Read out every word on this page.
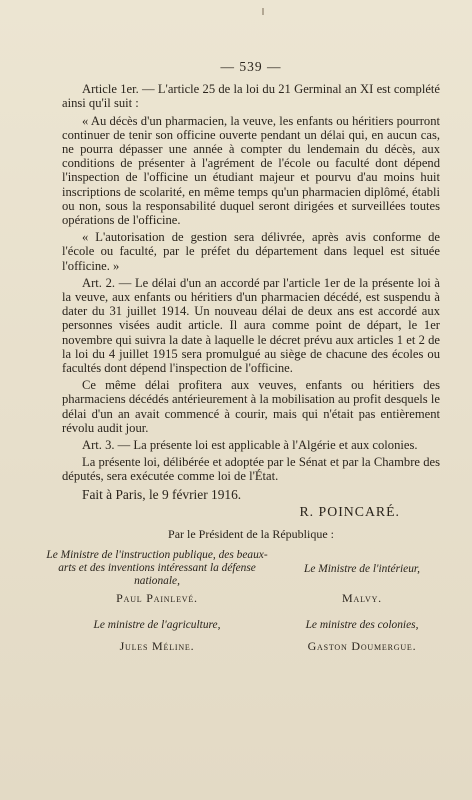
— 539 —

Article 1er. — L'article 25 de la loi du 21 Germinal an XI est complété ainsi qu'il suit :

« Au décès d'un pharmacien, la veuve, les enfants ou héritiers pourront continuer de tenir son officine ouverte pendant un délai qui, en aucun cas, ne pourra dépasser une année à compter du lendemain du décès, aux conditions de présenter à l'agrément de l'école ou faculté dont dépend l'inspection de l'officine un étudiant majeur et pourvu d'au moins huit inscriptions de scolarité, en même temps qu'un pharmacien diplômé, établi ou non, sous la responsabilité duquel seront dirigées et surveillées toutes opérations de l'officine.

« L'autorisation de gestion sera délivrée, après avis conforme de l'école ou faculté, par le préfet du département dans lequel est située l'officine. »

Art. 2. — Le délai d'un an accordé par l'article 1er de la présente loi à la veuve, aux enfants ou héritiers d'un pharmacien décédé, est suspendu à dater du 31 juillet 1914. Un nouveau délai de deux ans est accordé aux personnes visées audit article. Il aura comme point de départ, le 1er novembre qui suivra la date à laquelle le décret prévu aux articles 1 et 2 de la loi du 4 juillet 1915 sera promulgué au siège de chacune des écoles ou facultés dont dépend l'inspection de l'officine.

Ce même délai profitera aux veuves, enfants ou héritiers des pharmaciens décédés antérieurement à la mobilisation au profit desquels le délai d'un an avait commencé à courir, mais qui n'était pas entièrement révolu audit jour.

Art. 3. — La présente loi est applicable à l'Algérie et aux colonies.

La présente loi, délibérée et adoptée par le Sénat et par la Chambre des députés, sera exécutée comme loi de l'État.

Fait à Paris, le 9 février 1916.

R. POINCARÉ.
Par le Président de la République :
Le Ministre de l'instruction publique, des beaux-arts et des inventions intéressant la défense nationale,
Paul Painlevé.
Le Ministre de l'intérieur,
Malvy.
Le ministre de l'agriculture,
Jules Méline.
Le ministre des colonies,
Gaston Doumergue.
